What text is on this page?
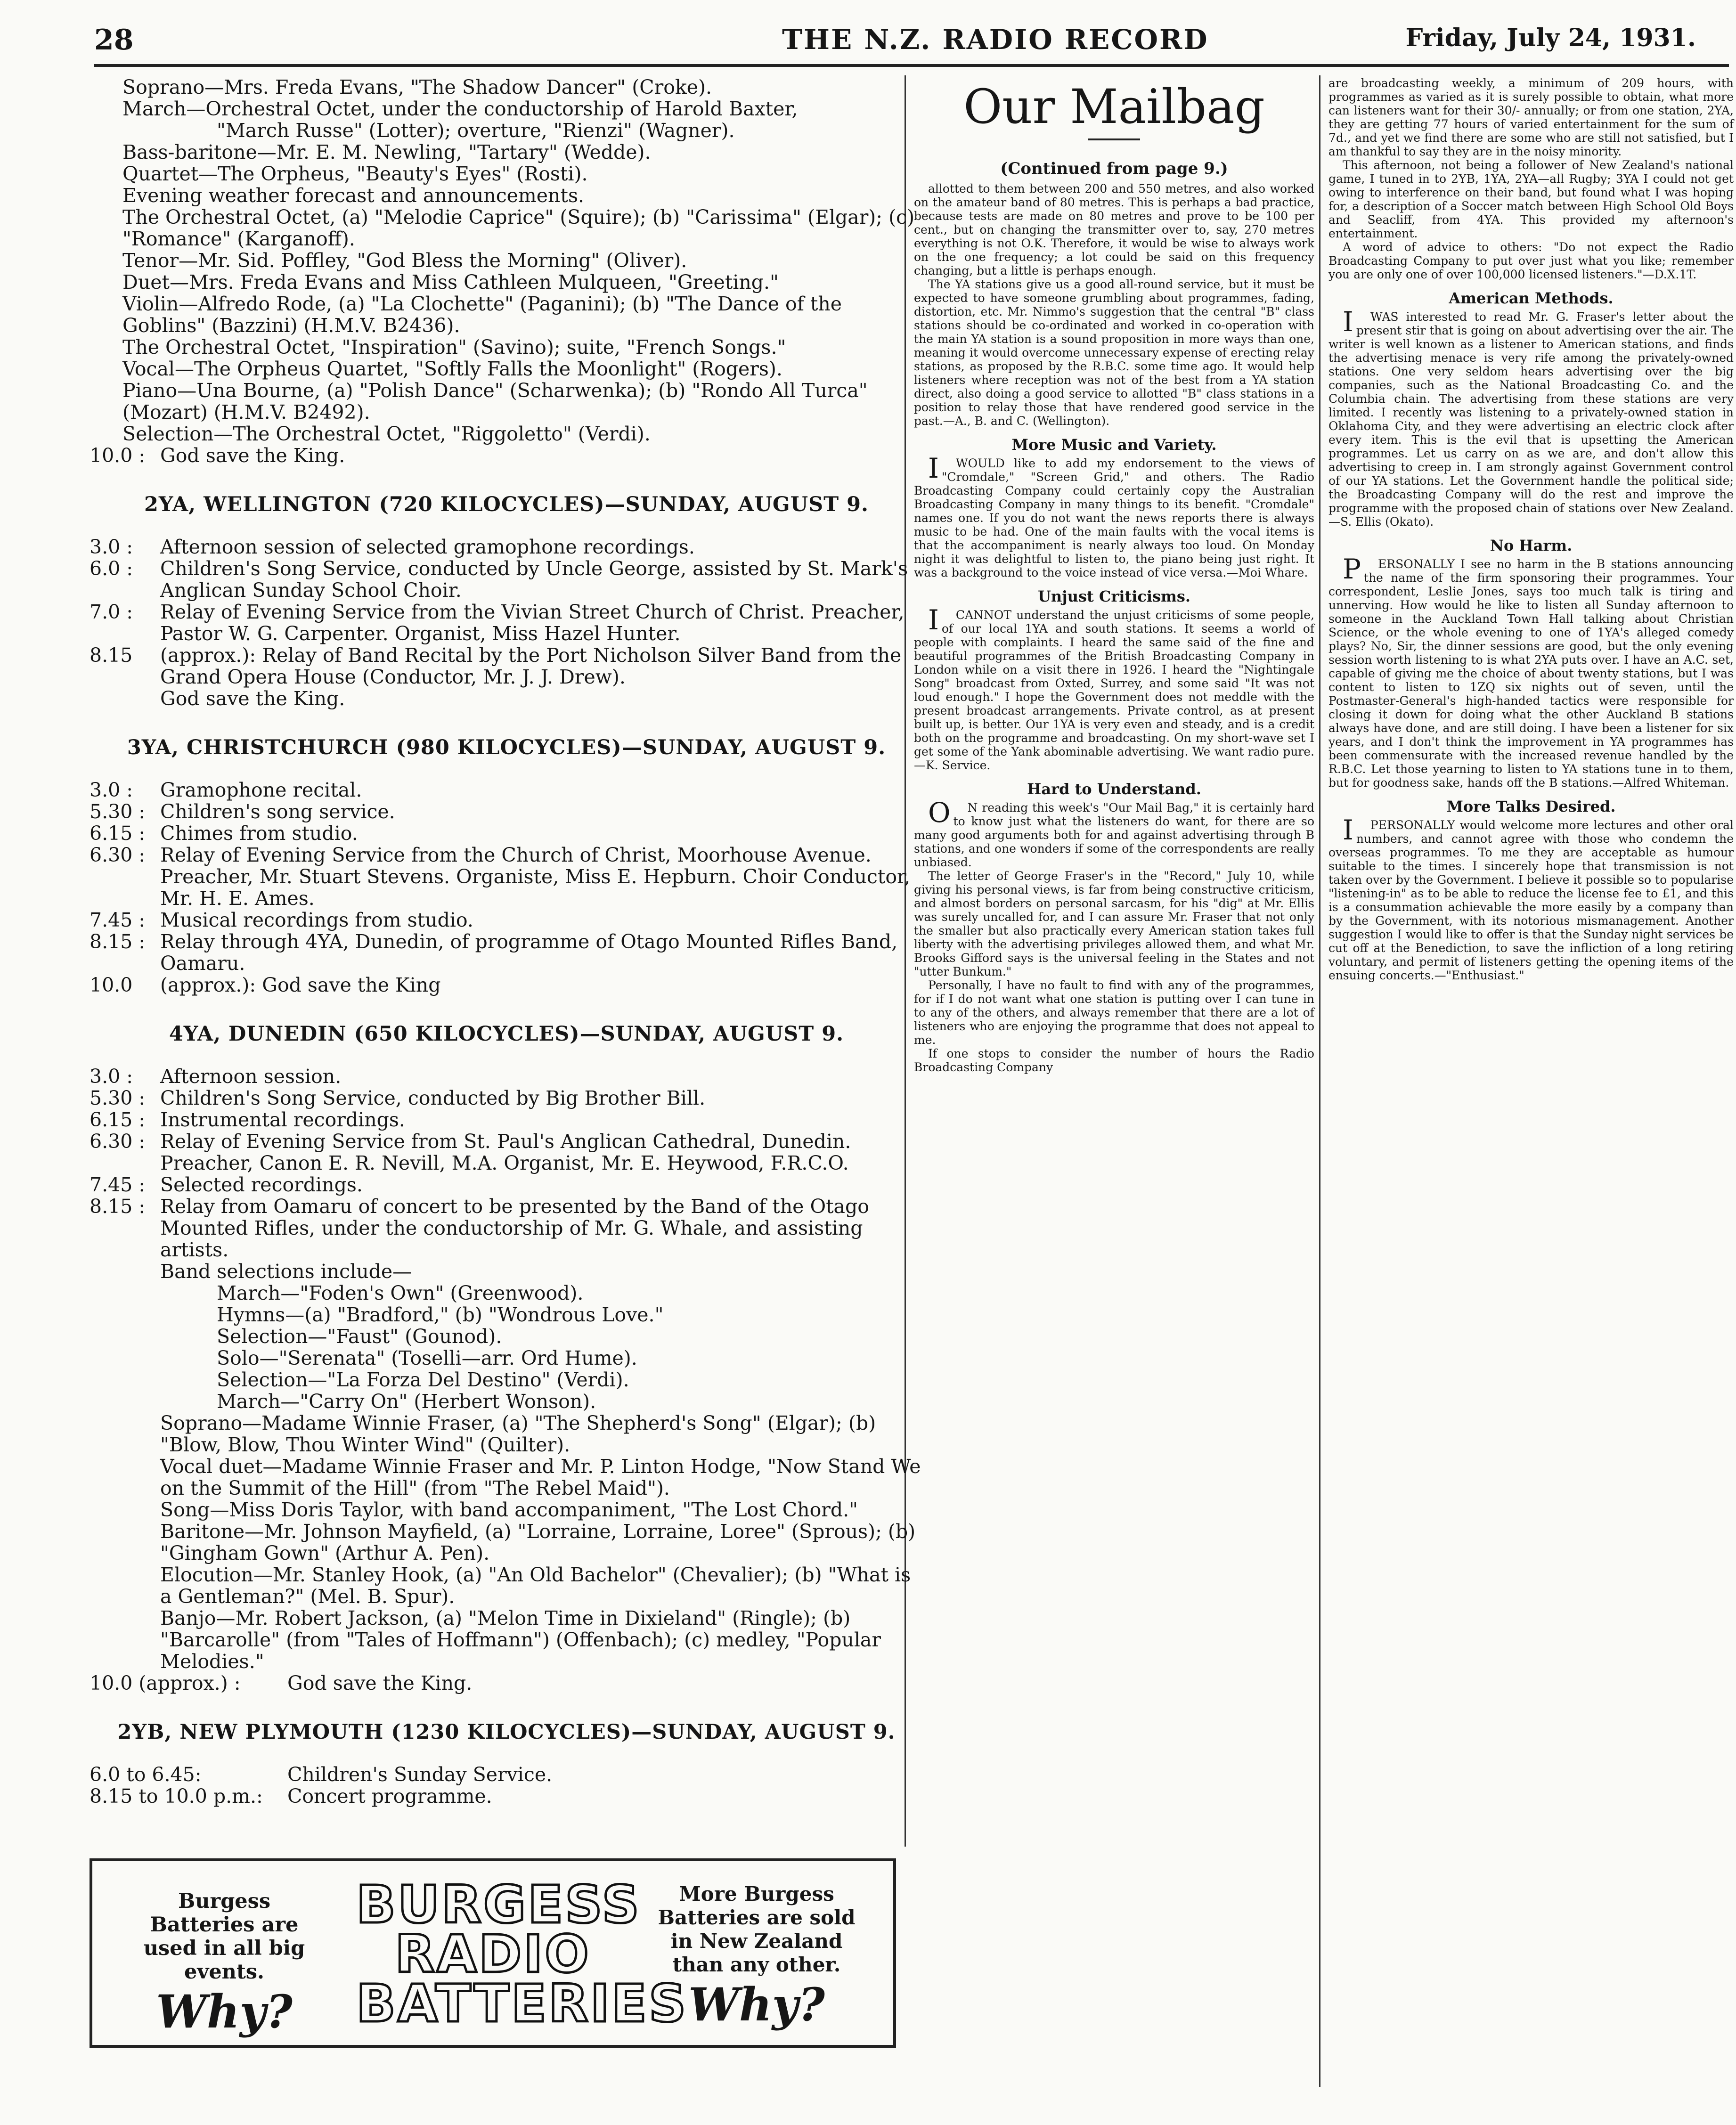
28	THE N.Z. RADIO RECORD	Friday, July 24, 1931.
Soprano—Mrs. Freda Evans, "The Shadow Dancer" (Croke).
March—Orchestral Octet, under the conductorship of Harold Baxter,
"March Russe" (Lotter); overture, "Rienzi" (Wagner).
Bass-baritone—Mr. E. M. Newling, "Tartary" (Wedde).
Quartet—The Orpheus, "Beauty's Eyes" (Rosti).
Evening weather forecast and announcements.
The Orchestral Octet, (a) "Melodie Caprice" (Squire); (b) "Carissima" (Elgar); (c) "Romance" (Karganoff).
Tenor—Mr. Sid. Poffley, "God Bless the Morning" (Oliver).
Duet—Mrs. Freda Evans and Miss Cathleen Mulqueen, "Greeting."
Violin—Alfredo Rode, (a) "La Clochette" (Paganini); (b) "The Dance of the Goblins" (Bazzini) (H.M.V. B2436).
The Orchestral Octet, "Inspiration" (Savino); suite, "French Songs."
Vocal—The Orpheus Quartet, "Softly Falls the Moonlight" (Rogers).
Piano—Una Bourne, (a) "Polish Dance" (Scharwenka); (b) "Rondo All Turca" (Mozart) (H.M.V. B2492).
Selection—The Orchestral Octet, "Riggoletto" (Verdi).
10.0 : God save the King.
2YA, WELLINGTON (720 KILOCYCLES)—SUNDAY, AUGUST 9.
3.0 :	Afternoon session of selected gramophone recordings.
6.0 :	Children's Song Service, conducted by Uncle George, assisted by St. Mark's Anglican Sunday School Choir.
7.0 :	Relay of Evening Service from the Vivian Street Church of Christ. Preacher, Pastor W. G. Carpenter. Organist, Miss Hazel Hunter.
8.15	(approx.): Relay of Band Recital by the Port Nicholson Silver Band from the Grand Opera House (Conductor, Mr. J. J. Drew).
God save the King.
3YA, CHRISTCHURCH (980 KILOCYCLES)—SUNDAY, AUGUST 9.
3.0 :	Gramophone recital.
5.30 : Children's song service.
6.15 : Chimes from studio.
6.30 : Relay of Evening Service from the Church of Christ, Moorhouse Avenue. Preacher, Mr. Stuart Stevens. Organiste, Miss E. Hepburn. Choir Conductor, Mr. H. E. Ames.
7.45 : Musical recordings from studio.
8.15 : Relay through 4YA, Dunedin, of programme of Otago Mounted Rifles Band, Oamaru.
10.0	(approx.): God save the King
4YA, DUNEDIN (650 KILOCYCLES)—SUNDAY, AUGUST 9.
3.0 :	Afternoon session.
5.30 : Children's Song Service, conducted by Big Brother Bill.
6.15 : Instrumental recordings.
6.30 : Relay of Evening Service from St. Paul's Anglican Cathedral, Dunedin. Preacher, Canon E. R. Nevill, M.A. Organist, Mr. E. Heywood, F.R.C.O.
7.45 : Selected recordings.
8.15 : Relay from Oamaru of concert to be presented by the Band of the Otago Mounted Rifles, under the conductorship of Mr. G. Whale, and assisting artists.
Band selections include—
March—"Foden's Own" (Greenwood).
Hymns—(a) "Bradford," (b) "Wondrous Love."
Selection—"Faust" (Gounod).
Solo—"Serenata" (Toselli—arr. Ord Hume).
Selection—"La Forza Del Destino" (Verdi).
March—"Carry On" (Herbert Wonson).
Soprano—Madame Winnie Fraser, (a) "The Shepherd's Song" (Elgar); (b) "Blow, Blow, Thou Winter Wind" (Quilter).
Vocal duet—Madame Winnie Fraser and Mr. P. Linton Hodge, "Now Stand We on the Summit of the Hill" (from "The Rebel Maid").
Song—Miss Doris Taylor, with band accompaniment, "The Lost Chord."
Baritone—Mr. Johnson Mayfield, (a) "Lorraine, Lorraine, Loree" (Sprous); (b) "Gingham Gown" (Arthur A. Pen).
Elocution—Mr. Stanley Hook, (a) "An Old Bachelor" (Chevalier); (b) "What is a Gentleman?" (Mel. B. Spur).
Banjo—Mr. Robert Jackson, (a) "Melon Time in Dixieland" (Ringle); (b) "Barcarolle" (from "Tales of Hoffmann") (Offenbach); (c) medley, "Popular Melodies."
10.0 (approx.) :	God save the King.
2YB, NEW PLYMOUTH (1230 KILOCYCLES)—SUNDAY, AUGUST 9.
6.0 to 6.45:	Children's Sunday Service.
8.15 to 10.0 p.m.:	Concert programme.
Our Mailbag
(Continued from page 9.)
allotted to them between 200 and 550 metres, and also worked on the amateur band of 80 metres. This is perhaps a bad practice, because tests are made on 80 metres and prove to be 100 per cent., but on changing the transmitter over to, say, 270 metres everything is not O.K. Therefore, it would be wise to always work on the one frequency; a lot could be said on this frequency changing, but a little is perhaps enough.
The YA stations give us a good all-round service, but it must be expected to have someone grumbling about programmes, fading, distortion, etc. Mr. Nimmo's suggestion that the central "B" class stations should be co-ordinated and worked in co-operation with the main YA station is a sound proposition in more ways than one, meaning it would overcome unnecessary expense of erecting relay stations, as proposed by the R.B.C. some time ago. It would help listeners where reception was not of the best from a YA station direct, also doing a good service to allotted "B" class stations in a position to relay those that have rendered good service in the past.—A., B. and C. (Wellington).
More Music and Variety.
IWOULD like to add my endorsement to the views of "Cromdale," "Screen Grid," and others. The Radio Broadcasting Company could certainly copy the Australian Broadcasting Company in many things to its benefit. "Cromdale" names one. If you do not want the news reports there is always music to be had. One of the main faults with the vocal items is that the accompaniment is nearly always too loud. On Monday night it was delightful to listen to, the piano being just right. It was a background to the voice instead of vice versa.—Moi Whare.
Unjust Criticisms.
ICANNOT understand the unjust criticisms of some people, of our local 1YA and south stations. It seems a world of people with complaints. I heard the same said of the fine and beautiful programmes of the British Broadcasting Company in London while on a visit there in 1926. I heard the "Nightingale Song" broadcast from Oxted, Surrey, and some said "It was not loud enough." I hope the Government does not meddle with the present broadcast arrangements. Private control, as at present built up, is better. Our 1YA is very even and steady, and is a credit both on the programme and broadcasting. On my short-wave set I get some of the Yank abominable advertising. We want radio pure.—K. Service.
Hard to Understand.
ON reading this week's "Our Mail Bag," it is certainly hard to know just what the listeners do want, for there are so many good arguments both for and against advertising through B stations, and one wonders if some of the correspondents are really unbiased.
The letter of George Fraser's in the "Record," July 10, while giving his personal views, is far from being constructive criticism, and almost borders on personal sarcasm, for his "dig" at Mr. Ellis was surely uncalled for, and I can assure Mr. Fraser that not only the smaller but also practically every American station takes full liberty with the advertising privileges allowed them, and what Mr. Brooks Gifford says is the universal feeling in the States and not "utter Bunkum."
Personally, I have no fault to find with any of the programmes, for if I do not want what one station is putting over I can tune in to any of the others, and always remember that there are a lot of listeners who are enjoying the programme that does not appeal to me.
If one stops to consider the number of hours the Radio Broadcasting Company
are broadcasting weekly, a minimum of 209 hours, with programmes as varied as it is surely possible to obtain, what more can listeners want for their 30/- annually; or from one station, 2YA, they are getting 77 hours of varied entertainment for the sum of 7d., and yet we find there are some who are still not satisfied, but I am thankful to say they are in the noisy minority.
This afternoon, not being a follower of New Zealand's national game, I tuned in to 2YB, 1YA, 2YA—all Rugby; 3YA I could not get owing to interference on their band, but found what I was hoping for, a description of a Soccer match between High School Old Boys and Seacliff, from 4YA. This provided my afternoon's entertainment.
A word of advice to others: "Do not expect the Radio Broadcasting Company to put over just what you like; remember you are only one of over 100,000 licensed listeners."—D.X.1T.
American Methods.
IWAS interested to read Mr. G. Fraser's letter about the present stir that is going on about advertising over the air. The writer is well known as a listener to American stations, and finds the advertising menace is very rife among the privately-owned stations. One very seldom hears advertising over the big companies, such as the National Broadcasting Co. and the Columbia chain. The advertising from these stations are very limited. I recently was listening to a privately-owned station in Oklahoma City, and they were advertising an electric clock after every item. This is the evil that is upsetting the American programmes. Let us carry on as we are, and don't allow this advertising to creep in. I am strongly against Government control of our YA stations. Let the Government handle the political side; the Broadcasting Company will do the rest and improve the programme with the proposed chain of stations over New Zealand.—S. Ellis (Okato).
No Harm.
PERSONALLY I see no harm in the B stations announcing the name of the firm sponsoring their programmes. Your correspondent, Leslie Jones, says too much talk is tiring and unnerving. How would he like to listen all Sunday afternoon to someone in the Auckland Town Hall talking about Christian Science, or the whole evening to one of 1YA's alleged comedy plays? No, Sir, the dinner sessions are good, but the only evening session worth listening to is what 2YA puts over. I have an A.C. set, capable of giving me the choice of about twenty stations, but I was content to listen to 1ZQ six nights out of seven, until the Postmaster-General's high-handed tactics were responsible for closing it down for doing what the other Auckland B stations always have done, and are still doing. I have been a listener for six years, and I don't think the improvement in YA programmes has been commensurate with the increased revenue handled by the R.B.C. Let those yearning to listen to YA stations tune in to them, but for goodness sake, hands off the B stations.—Alfred Whiteman.
More Talks Desired.
IPERSONALLY would welcome more lectures and other oral numbers, and cannot agree with those who condemn the overseas programmes. To me they are acceptable as humour suitable to the times. I sincerely hope that transmission is not taken over by the Government. I believe it possible so to popularise "listening-in" as to be able to reduce the license fee to £1, and this is a consummation achievable the more easily by a company than by the Government, with its notorious mismanagement. Another suggestion I would like to offer is that the Sunday night services be cut off at the Benediction, to save the infliction of a long retiring voluntary, and permit of listeners getting the opening items of the ensuing concerts.—"Enthusiast."
Burgess Batteries are used in all big events.
Why?
BURGESS
RADIO
BATTERIES
More Burgess Batteries are sold in New Zealand than any other.
Why?
